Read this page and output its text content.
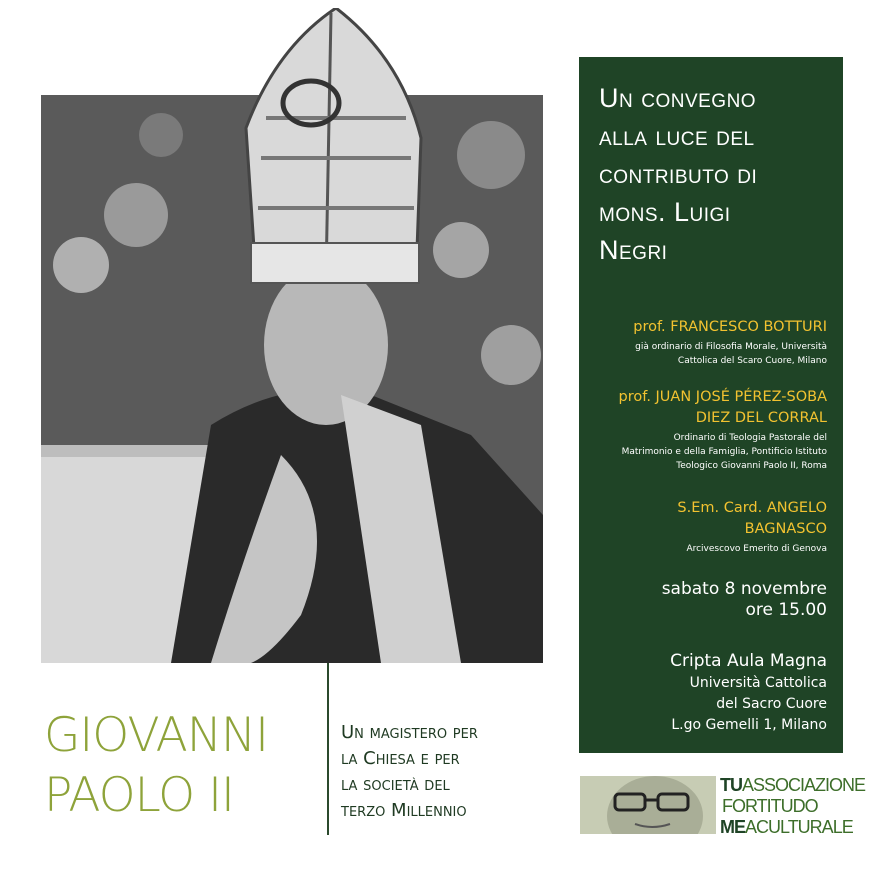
GIOVANNI
PAOLO II
Un magistero per
la Chiesa e per
la società del
terzo Millennio
Un convegno
alla luce del
contributo di
mons. Luigi
Negri
prof. FRANCESCO BOTTURI
già ordinario di Filosofia Morale, Università
Cattolica del Scaro Cuore, Milano
prof. JUAN JOSÉ PÉREZ-SOBA
DIEZ DEL CORRAL
Ordinario di Teologia Pastorale del
Matrimonio e della Famiglia, Pontificio Istituto
Teologico Giovanni Paolo II, Roma
S.Em. Card. ANGELO
BAGNASCO
Arcivescovo Emerito di Genova
sabato 8 novembre
ore 15.00
Cripta Aula Magna
Università Cattolica
del Sacro Cuore
L.go Gemelli 1, Milano
TUASSOCIAZIONE
FORTITUDO
MEACULTURALE
